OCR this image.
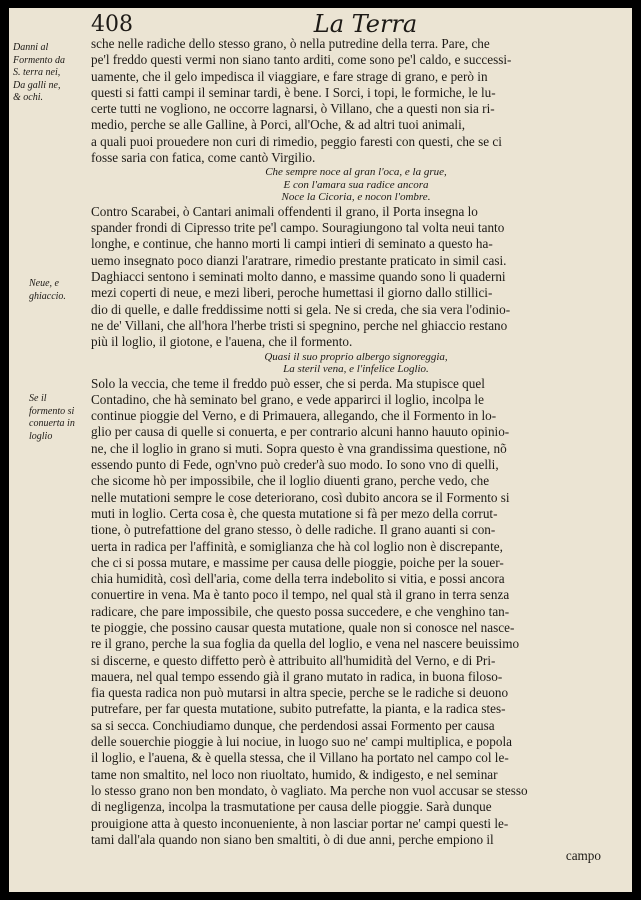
408	La Terra
Danni al Formento da S. terra nei, Da galli ne, & ochi.
Neue, e ghiaccio.
Se il formento si conuerta in loglio
sche nelle radiche dello stesso grano, ò nella putredine della terra. Pare, che
pe'l freddo questi vermi non siano tanto arditi, come sono pe'l caldo, e successi-
uamente, che il gelo impedisca il viaggiare, e fare strage di grano, e però in
questi si fatti campi il seminar tardi, è bene. I Sorci, i topi, le formiche, le lu-
certe tutti ne vogliono, ne occorre lagnarsi, ò Villano, che a questi non sia ri-
medio, perche se alle Galline, à Porci, all'Oche, & ad altri tuoi animali,
a quali puoi prouedere non curi di rimedio, peggio faresti con questi, che se ci
fosse saria con fatica, come cantò Virgilio.
Che sempre noce al gran l'oca, e la grue,
E con l'amara sua radice ancora
Noce la Cicoria, e nocon l'ombre.
Contro Scarabei, ò Cantari animali offendenti il grano, il Porta insegna lo
spander frondi di Cipresso trite pe'l campo. Souragiungono tal volta neui tanto
longhe, e continue, che hanno morti li campi intieri di seminato a questo ha-
uemo insegnato poco dianzi l'aratrare, rimedio prestante praticato in simil casi.
Daghiacci sentono i seminati molto danno, e massime quando sono li quaderni
mezi coperti di neue, e mezi liberi, peroche humettasi il giorno dallo stillici-
dio di quelle, e dalle freddissime notti si gela. Ne si creda, che sia vera l'odinio-
ne de' Villani, che all'hora l'herbe tristi si spegnino, perche nel ghiaccio restano
più il loglio, il giotone, e l'auena, che il formento.
Quasi il suo proprio albergo signoreggia,
La steril vena, e l'infelice Loglio.
Solo la veccia, che teme il freddo può esser, che si perda. Ma stupisce quel
Contadino, che hà seminato bel grano, e vede apparirci il loglio, incolpa le
continue pioggie del Verno, e di Primauera, allegando, che il Formento in lo-
glio per causa di quelle si conuerta, e per contrario alcuni hanno hauuto opinio-
ne, che il loglio in grano si muti. Sopra questo è vna grandissima questione, nõ
essendo punto di Fede, ogn'vno può creder'à suo modo. Io sono vno di quelli,
che sicome hò per impossibile, che il loglio diuenti grano, perche vedo, che
nelle mutationi sempre le cose deteriorano, così dubito ancora se il Formento si
muti in loglio. Certa cosa è, che questa mutatione si fà per mezo della corrut-
tione, ò putrefattione del grano stesso, ò delle radiche. Il grano auanti si con-
uerta in radica per l'affinità, e somiglianza che hà col loglio non è discrepante,
che ci si possa mutare, e massime per causa delle pioggie, poiche per la souer-
chia humidità, così dell'aria, come della terra indebolito si vitia, e possi ancora
conuertire in vena. Ma è tanto poco il tempo, nel qual stà il grano in terra senza
radicare, che pare impossibile, che questo possa succedere, e che venghino tan-
te pioggie, che possino causar questa mutatione, quale non si conosce nel nasce-
re il grano, perche la sua foglia da quella del loglio, e vena nel nascere beuissimo
si discerne, e questo diffetto però è attribuito all'humidità del Verno, e di Pri-
mauera, nel qual tempo essendo già il grano mutato in radica, in buona filoso-
fia questa radica non può mutarsi in altra specie, perche se le radiche si deuono
putrefare, per far questa mutatione, subito putrefatte, la pianta, e la radica stes-
sa si secca. Conchiudiamo dunque, che perdendosi assai Formento per causa
delle souerchie pioggie à lui nociue, in luogo suo ne' campi multiplica, e popola
il loglio, e l'auena, & è quella stessa, che il Villano ha portato nel campo col le-
tame non smaltito, nel loco non riuoltato, humido, & indigesto, e nel seminar
lo stesso grano non ben mondato, ò vagliato. Ma perche non vuol accusar se stesso
di negligenza, incolpa la trasmutatione per causa delle pioggie. Sarà dunque
prouigione atta à questo inconueniente, à non lasciar portar ne' campi questi le-
tami dall'ala quando non siano ben smaltiti, ò di due anni, perche empiono il
campo
